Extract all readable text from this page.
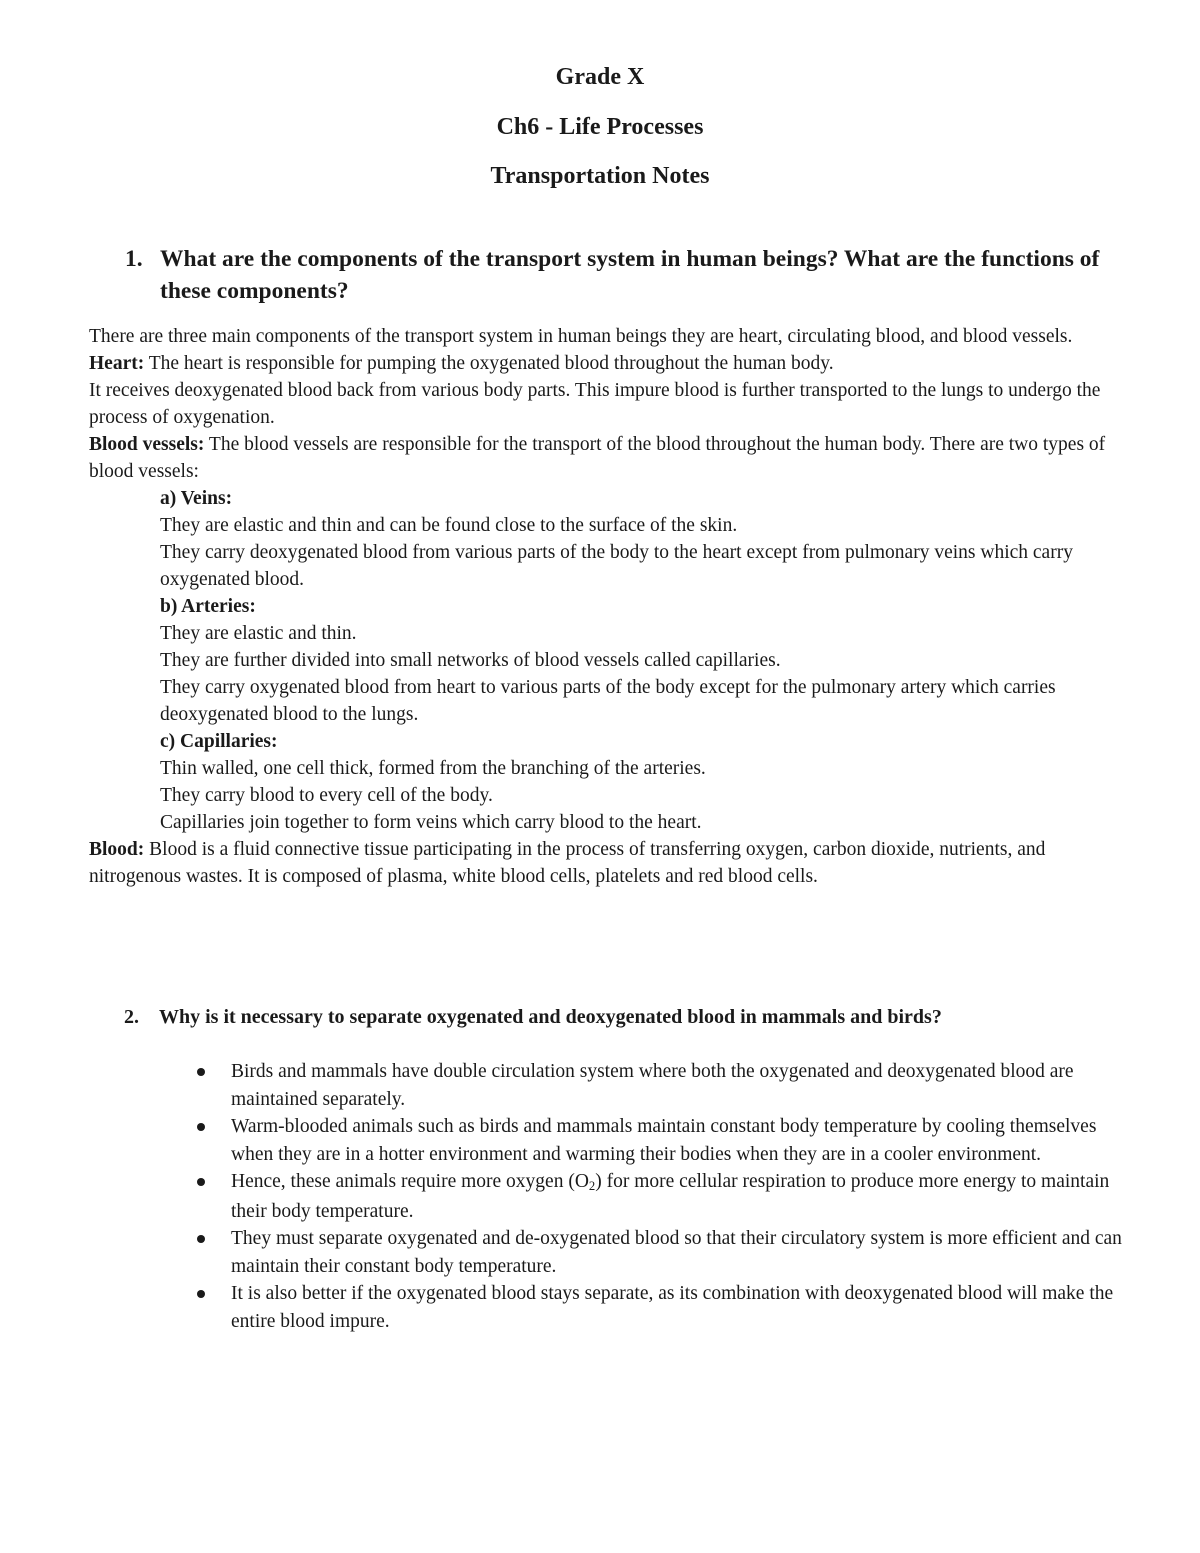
Grade X
Ch6 - Life Processes
Transportation Notes
1. What are the components of the transport system in human beings? What are the functions of these components?

There are three main components of the transport system in human beings they are heart, circulating blood, and blood vessels.

Heart: The heart is responsible for pumping the oxygenated blood throughout the human body.

It receives deoxygenated blood back from various body parts. This impure blood is further transported to the lungs to undergo the process of oxygenation.

Blood vessels: The blood vessels are responsible for the transport of the blood throughout the human body. There are two types of blood vessels:

a) Veins:

They are elastic and thin and can be found close to the surface of the skin.

They carry deoxygenated blood from various parts of the body to the heart except from pulmonary veins which carry oxygenated blood.

b) Arteries:

They are elastic and thin.

They are further divided into small networks of blood vessels called capillaries.

They carry oxygenated blood from heart to various parts of the body except for the pulmonary artery which carries deoxygenated blood to the lungs.

c) Capillaries:

Thin walled, one cell thick, formed from the branching of the arteries.

They carry blood to every cell of the body.

Capillaries join together to form veins which carry blood to the heart.

Blood: Blood is a fluid connective tissue participating in the process of transferring oxygen, carbon dioxide, nutrients, and nitrogenous wastes. It is composed of plasma, white blood cells, platelets and red blood cells.

2. Why is it necessary to separate oxygenated and deoxygenated blood in mammals and birds?
Birds and mammals have double circulation system where both the oxygenated and deoxygenated blood are maintained separately.
Warm-blooded animals such as birds and mammals maintain constant body temperature by cooling themselves when they are in a hotter environment and warming their bodies when they are in a cooler environment.
Hence, these animals require more oxygen $(O_2)$ for more cellular respiration to produce more energy to maintain their body temperature.
They must separate oxygenated and de-oxygenated blood so that their circulatory system is more efficient and can maintain their constant body temperature.
It is also better if the oxygenated blood stays separate, as its combination with deoxygenated blood will make the entire blood impure.
